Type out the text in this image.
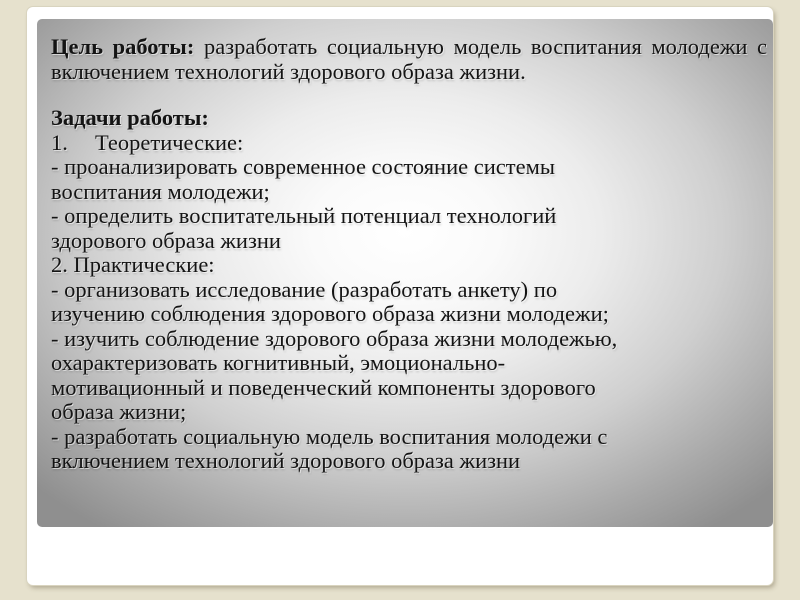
Цель работы: разработать социальную модель воспитания молодежи с включением технологий здорового образа жизни.

Задачи работы:

1. Теоретические:

- проанализировать современное состояние системы

воспитания молодежи;

- определить воспитательный потенциал технологий

здорового образа жизни

2. Практические:

- организовать исследование (разработать анкету) по

изучению соблюдения здорового образа жизни молодежи;

- изучить соблюдение здорового образа жизни молодежью,

охарактеризовать когнитивный, эмоционально-

мотивационный и поведенческий компоненты здорового

образа жизни;

- разработать социальную модель воспитания молодежи с

включением технологий здорового образа жизни
